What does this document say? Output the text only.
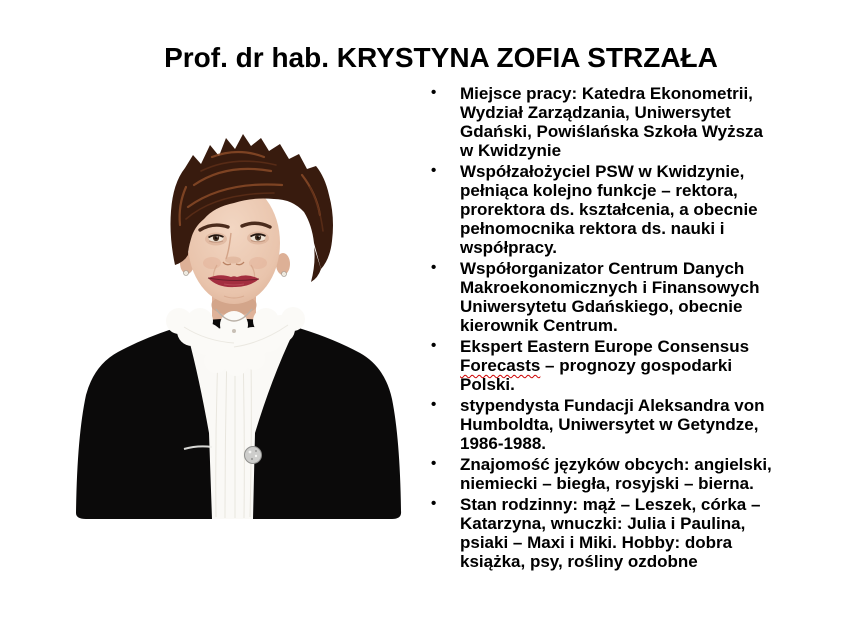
Prof. dr hab. KRYSTYNA ZOFIA STRZAŁA
• Miejsce pracy: Katedra Ekonometrii,
Wydział Zarządzania, Uniwersytet
Gdański, Powiślańska Szkoła Wyższa
w Kwidzynie
• Współzałożyciel PSW w Kwidzynie,
pełniąca kolejno funkcje – rektora,
prorektora ds. kształcenia, a obecnie
pełnomocnika rektora ds. nauki i
współpracy.
• Współorganizator Centrum Danych
Makroekonomicznych i Finansowych
Uniwersytetu Gdańskiego, obecnie
kierownik Centrum.
• Ekspert Eastern Europe Consensus
Forecasts – prognozy gospodarki
Polski.
• stypendysta Fundacji Aleksandra von
Humboldta, Uniwersytet w Getyndze,
1986-1988.
• Znajomość języków obcych: angielski,
niemiecki – biegła, rosyjski – bierna.
• Stan rodzinny: mąż – Leszek, córka –
Katarzyna, wnuczki: Julia i Paulina,
psiaki – Maxi i Miki. Hobby: dobra
książka, psy, rośliny ozdobne
